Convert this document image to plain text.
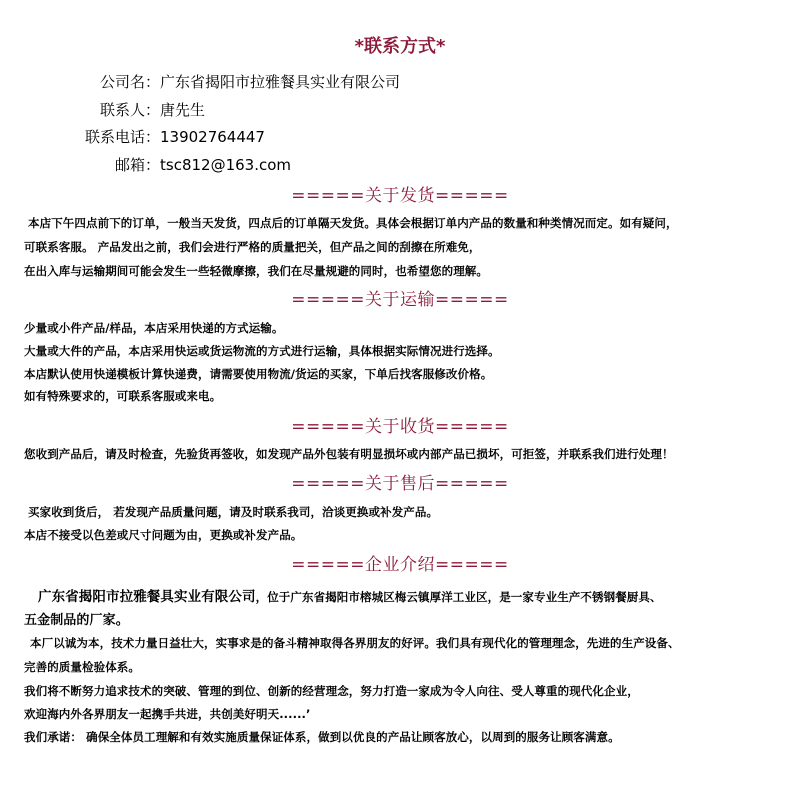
*联系方式*
公司名：广东省揭阳市拉雅餐具实业有限公司
联系人：唐先生
联系电话：13902764447
邮箱：tsc812@163.com
=====关于发货=====
本店下午四点前下的订单，一般当天发货，四点后的订单隔天发货。具体会根据订单内产品的数量和种类情况而定。如有疑问，
可联系客服。 产品发出之前，我们会进行严格的质量把关，但产品之间的刮擦在所难免，
在出入库与运输期间可能会发生一些轻微摩擦，我们在尽量规避的同时，也希望您的理解。
=====关于运输=====
少量或小件产品/样品，本店采用快递的方式运输。
大量或大件的产品，本店采用快运或货运物流的方式进行运输，具体根据实际情况进行选择。
本店默认使用快递模板计算快递费，请需要使用物流/货运的买家，下单后找客服修改价格。
如有特殊要求的，可联系客服或来电。
=====关于收货=====
您收到产品后，请及时检查，先验货再签收，如发现产品外包装有明显损坏或内部产品已损坏，可拒签，并联系我们进行处理！
=====关于售后=====
买家收到货后， 若发现产品质量问题，请及时联系我司，洽谈更换或补发产品。
本店不接受以色差或尺寸问题为由，更换或补发产品。
=====企业介绍=====
广东省揭阳市拉雅餐具实业有限公司，位于广东省揭阳市榕城区梅云镇厚洋工业区，是一家专业生产不锈钢餐厨具、
五金制品的厂家。
本厂以诚为本，技术力量日益壮大，实事求是的备斗精神取得各界朋友的好评。我们具有现代化的管理理念，先进的生产设备、
完善的质量检验体系。
我们将不断努力追求技术的突破、管理的到位、创新的经营理念，努力打造一家成为令人向往、受人尊重的现代化企业，
欢迎海内外各界朋友一起携手共进，共创美好明天......’
我们承诺： 确保全体员工理解和有效实施质量保证体系，做到以优良的产品让顾客放心，以周到的服务让顾客满意。
